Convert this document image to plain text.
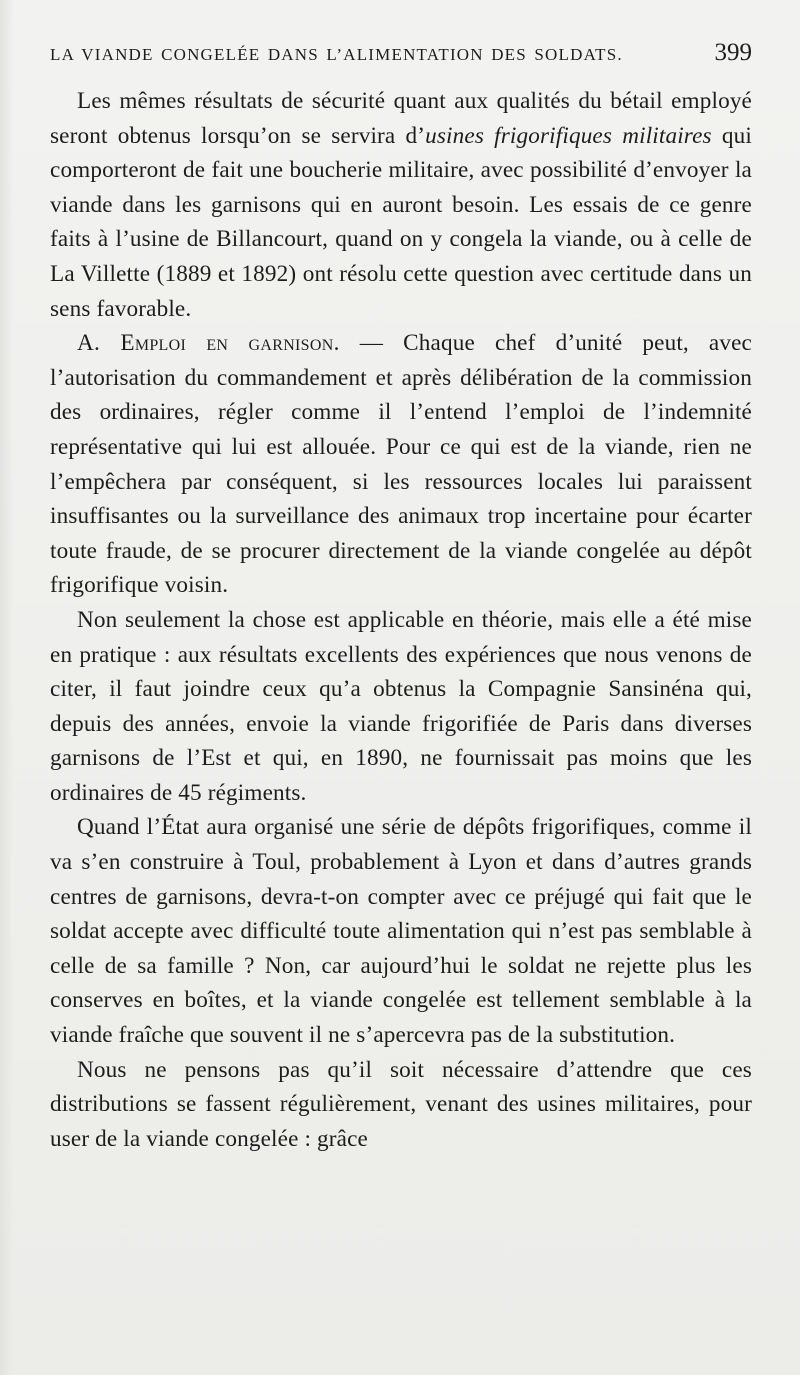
LA VIANDE CONGELÉE DANS L’ALIMENTATION DES SOLDATS.	399

Les mêmes résultats de sécurité quant aux qualités du bétail employé seront obtenus lorsqu’on se servira d’usines frigorifiques militaires qui comporteront de fait une boucherie militaire, avec possibilité d’envoyer la viande dans les garnisons qui en auront besoin. Les essais de ce genre faits à l’usine de Billancourt, quand on y congela la viande, ou à celle de La Villette (1889 et 1892) ont résolu cette question avec certitude dans un sens favorable.

A. Emploi en garnison. — Chaque chef d’unité peut, avec l’autorisation du commandement et après délibération de la commission des ordinaires, régler comme il l’entend l’emploi de l’indemnité représentative qui lui est allouée. Pour ce qui est de la viande, rien ne l’empêchera par conséquent, si les ressources locales lui paraissent insuffisantes ou la surveillance des animaux trop incertaine pour écarter toute fraude, de se procurer directement de la viande congelée au dépôt frigorifique voisin.

Non seulement la chose est applicable en théorie, mais elle a été mise en pratique : aux résultats excellents des expériences que nous venons de citer, il faut joindre ceux qu’a obtenus la Compagnie Sansinéna qui, depuis des années, envoie la viande frigorifiée de Paris dans diverses garnisons de l’Est et qui, en 1890, ne fournissait pas moins que les ordinaires de 45 régiments.

Quand l’État aura organisé une série de dépôts frigorifiques, comme il va s’en construire à Toul, probablement à Lyon et dans d’autres grands centres de garnisons, devra-t-on compter avec ce préjugé qui fait que le soldat accepte avec difficulté toute alimentation qui n’est pas semblable à celle de sa famille ? Non, car aujourd’hui le soldat ne rejette plus les conserves en boîtes, et la viande congelée est tellement semblable à la viande fraîche que souvent il ne s’apercevra pas de la substitution.

Nous ne pensons pas qu’il soit nécessaire d’attendre que ces distributions se fassent régulièrement, venant des usines militaires, pour user de la viande congelée : grâce
